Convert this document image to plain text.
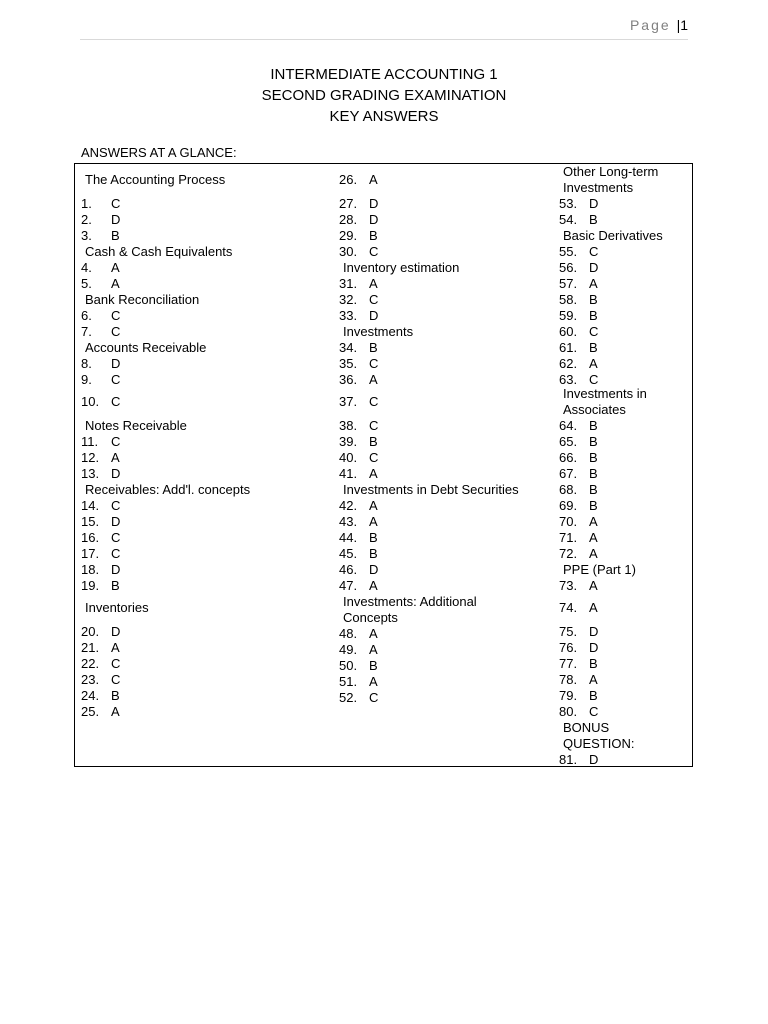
Page |1
INTERMEDIATE ACCOUNTING 1
SECOND GRADING EXAMINATION
KEY ANSWERS
ANSWERS AT A GLANCE:
The Accounting Process
1. C
2. D
3. B
Cash & Cash Equivalents
4. A
5. A
Bank Reconciliation
6. C
7. C
Accounts Receivable
8. D
9. C
10. C
Notes Receivable
11. C
12. A
13. D
Receivables: Add'l. concepts
14. C
15. D
16. C
17. C
18. D
19. B
Inventories
20. D
21. A
22. C
23. C
24. B
25. A
26. A
27. D
28. D
29. B
30. C
Inventory estimation
31. A
32. C
33. D
Investments
34. B
35. C
36. A
37. C
38. C
39. B
40. C
41. A
Investments in Debt Securities
42. A
43. A
44. B
45. B
46. D
47. A
Investments: Additional
Concepts
48. A
49. A
50. B
51. A
52. C
Other Long-term
Investments
53. D
54. B
Basic Derivatives
55. C
56. D
57. A
58. B
59. B
60. C
61. B
62. A
63. C
Investments in
Associates
64. B
65. B
66. B
67. B
68. B
69. B
70. A
71. A
72. A
PPE (Part 1)
73. A
74. A
75. D
76. D
77. B
78. A
79. B
80. C
BONUS
QUESTION:
81. D
